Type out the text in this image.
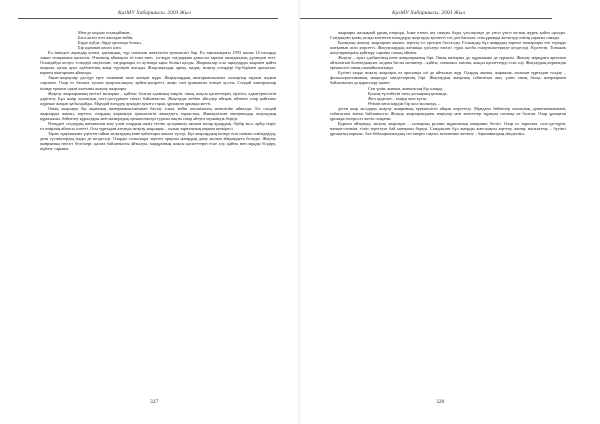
ҚазМУ Хабаршысы. 2003 Жыл
Мен де көрдім осындаймын,
Баса келіп өтті ажалдан кейін,
Бірде күйде, бірде қасымда болып,
Бір адамнан көшті алға.

Ел ішіндегі ақындар қоғам, қауымдық, түр сыпатын жеткізетін ерекшелігі бар. Ел тарихындағы 1993 жылы 14 ғасырда заман толқынына қатысты. Өткеннің айшықты ізі ғана емес, ел-жұрт тағдырына қатысты тарихи шындықтың дүниеден өтті. Осындайда кездес есімдері сақталған, тағдырлары ел аузында аңыз болып қалды. Жыршылар осы аңыздарды жырмен қайта жырлап, қазақ ауыз әдебиетінің жаңа түрлерін жасады. Жыр-аңыздар, арнау, мадақ, жоқтау өлеңдері бір-бірімен араласып, көркем шығармаға айналды.

Ақын-жыраулар дәстүрі ерте заманнан келе жатқан мұра. Жыраулардың шығармашылығы халықтың тарихи жадын сақтаған. Олар ел басына түскен ауыртпалықты, қайғы-қасіретті, жеңіс пен қуанышты өлеңге қосты. Сондай шығармалар ішінде ерекше орын алатыны жоқтау жырлары.

Жоқтау жырларының негізгі мазмұны – қайтыс болған адамның өмірін, оның жақсы қасиеттерін, ерлігін, адамгершілігін дәріптеу. Бұл жанр халықтың салт-дәстүрімен тығыз байланысты. Жоқтауды көбіне әйелдер айтқан, өйткені олар қайғыны жүрекке жақын қабылдайды. Мұндай өлеңдер ауыздан ауызға тарап, ұрпақтан ұрпаққа жетті.

Оның жырлары бір ақынның шығармашылығынан бастау алып, кейін көпшіліктің меншігіне айналды. Біз сондай жырларды жинап, зерттеп, олардың көркемдік ерекшелігін анықтауға тырыстық. Жинақталған материалдар жоқтаудың құрылымы, бейнелеу құралдары мен мазмұндық ерекшеліктері туралы нақты пікір айтуға мүмкіндік береді.

Өлеңдегі сөздердің мағынасын ашу үшін олардың шығу тегіне, қолданылу аясына назар аудардық. Әрбір жол, әрбір теңеу ел өмірінің айнасы іспетті. Осы тұрғыдан алғанда жоқтау жырлары – халық тарихының көркем шежіресі.

Тарих тұңғиығына үңілген сайын жоқтаудың көне қабаттары ашыла түседі. Бұл жырлардың ішінде ескі наным-сенімдердің, діни түсініктердің іздері де кездеседі. Оларды салыстыра зерттеу арқылы жанрдың даму жолын айқындауға болады. Жоқтау жанрының негізгі белгілері: қазаға байланысты айтылуы, марқұмның жақсы қасиеттерін еске алу, қайғы мен мұңды білдіру, жұбату сарыны.

327
ҚазМУ Хабаршысы. 2003 Жыл

жырлары жалықпай ұрпақ өтеріңді. Ішке өзекті ату сияқты бәдік үлгілерінде де үнсіз үнсіз ыстық жүрек қайта оралды. Сондықтан қазақ халқы көптеген өлеңдерде жоқтауды қасиетті сөз деп бағалап, оны ұрпаққа жеткізуді өзінің парызы санады.

Қазақтың жоқтау жырларын жинап, зерттеу ісі ертеден басталды. Ғалымдар бұл жанрдың тарихи тамырлары өте тереңде жатқанын атап көрсетті. Жоқтаулардың алғашқы үлгілері ежелгі түркі жазба ескерткіштерінде кездеседі. Күлтегін, Тоныкөк жазуларындағы қайғыру сарыны соның айғағы.

Жоқтау – ауыз әдебиетінің көне жанрларының бірі. Оның мазмұны да, құрылымы да тұрақты. Жоқтау марқұмға арналып айтылатын болғандықтан, ондағы басты мотивтер – қайғы, сағыныш, өкініш, жақсы қасиеттерді еске алу. Жоқтаудың көркемдік ерекшелігі оның шынайылығында.

Бүгінгі таңда жоқтау жырлары ел арасында әлі де айтылып жүр. Оларды жинап, жариялау, ғылыми тұрғыдан талдау – фольклористиканың маңызды міндеттерінің бірі. Жоқтаудың жанрлық табиғатын ашу үшін оның басқа жанрлармен байланысын да қарастыру қажет.

Сен үшін, жаным, жанымсың бір алаңда,
Қолың түсінбегін тағы досыңның қолында,
Жел аудасын – өмірді кеш күтіп,
Өтімін кеші көрдім бір жол-жолында, –

деген жыр жолдары жоқтау жанрының ерекшелігін айқын көрсетеді. Мұндағы бейнелер халықтың дүниетанымымен, табиғатпен тығыз байланысты. Жоқтау жырларындағы теңеулер мен эпитеттер тұрақты сипатқа ие болған. Олар ұрпақтан ұрпаққа өзгеріссіз жетіп отырған.

Қорыта айтқанда, жоқтау жырлары – халықтың рухани мұрасының ажырамас бөлігі. Олар ел тарихын, салт-дәстүрін, наным-сенімін, тілін зерттеуге бай материал береді. Сондықтан бұл жанрды жан-жақты зерттеу, жинау, насихаттау – бүгінгі ұрпақтың парызы. Ата-бабаларымыздың сөз өнерін сақтап, келешекке жеткізу – баршамыздың міндетіміз.

328
